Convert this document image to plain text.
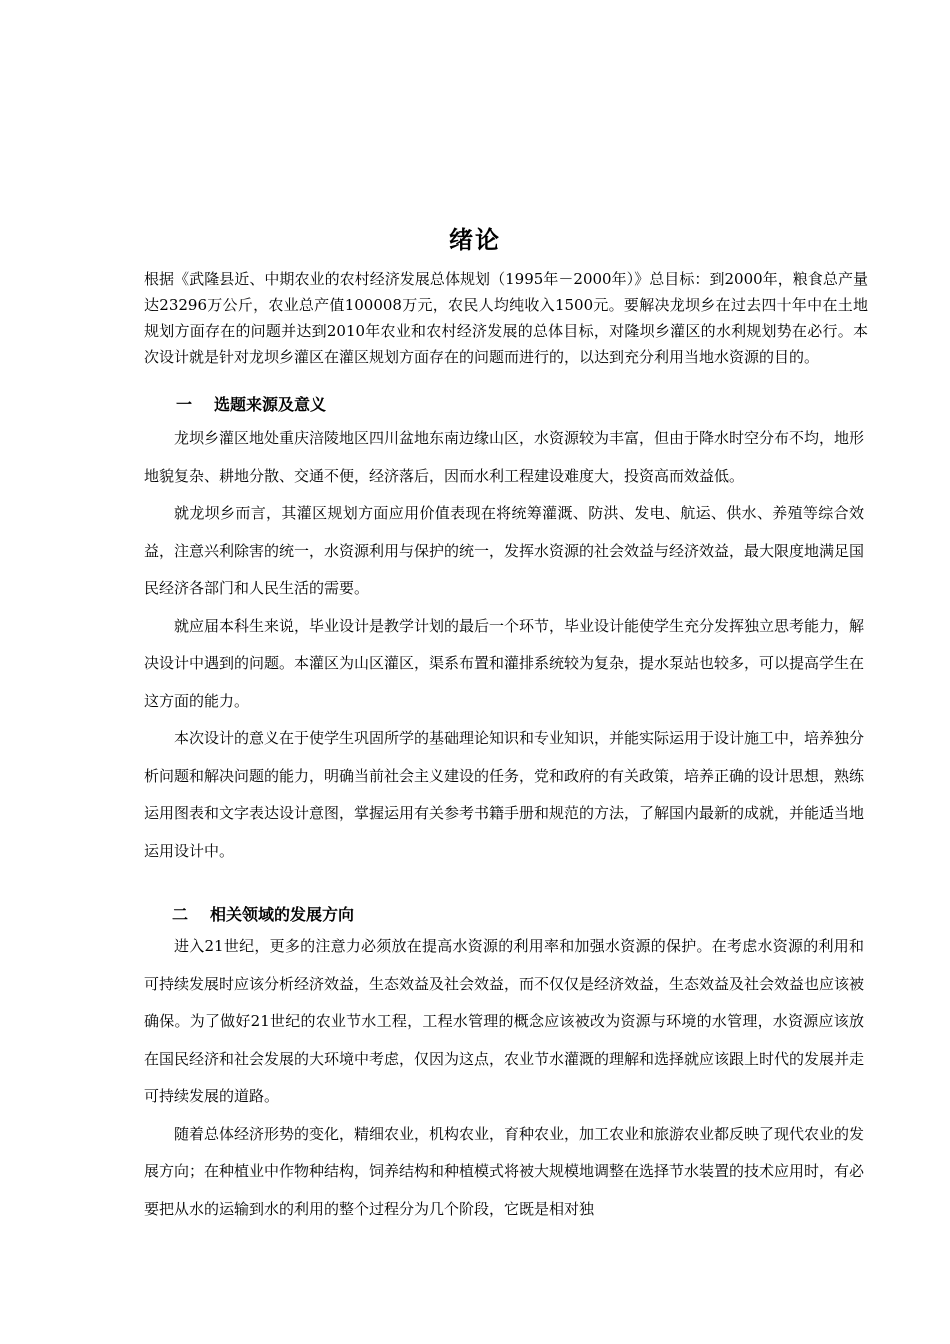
绪论

根据《武隆县近、中期农业的农村经济发展总体规划（1995年－2000年）》总目标：到2000年，粮食总产量达23296万公斤，农业总产值100008万元，农民人均纯收入1500元。要解决龙坝乡在过去四十年中在土地规划方面存在的问题并达到2010年农业和农村经济发展的总体目标，对隆坝乡灌区的水利规划势在必行。本次设计就是针对龙坝乡灌区在灌区规划方面存在的问题而进行的，以达到充分利用当地水资源的目的。

一 选题来源及意义

龙坝乡灌区地处重庆涪陵地区四川盆地东南边缘山区，水资源较为丰富，但由于降水时空分布不均，地形地貌复杂、耕地分散、交通不便，经济落后，因而水利工程建设难度大，投资高而效益低。

就龙坝乡而言，其灌区规划方面应用价值表现在将统筹灌溉、防洪、发电、航运、供水、养殖等综合效益，注意兴利除害的统一，水资源利用与保护的统一，发挥水资源的社会效益与经济效益，最大限度地满足国民经济各部门和人民生活的需要。

就应届本科生来说，毕业设计是教学计划的最后一个环节，毕业设计能使学生充分发挥独立思考能力，解决设计中遇到的问题。本灌区为山区灌区，渠系布置和灌排系统较为复杂，提水泵站也较多，可以提高学生在这方面的能力。

本次设计的意义在于使学生巩固所学的基础理论知识和专业知识，并能实际运用于设计施工中，培养独分析问题和解决问题的能力，明确当前社会主义建设的任务，党和政府的有关政策，培养正确的设计思想，熟练运用图表和文字表达设计意图，掌握运用有关参考书籍手册和规范的方法，了解国内最新的成就，并能适当地运用设计中。

二 相关领域的发展方向

进入21世纪，更多的注意力必须放在提高水资源的利用率和加强水资源的保护。在考虑水资源的利用和可持续发展时应该分析经济效益，生态效益及社会效益，而不仅仅是经济效益，生态效益及社会效益也应该被确保。为了做好21世纪的农业节水工程，工程水管理的概念应该被改为资源与环境的水管理，水资源应该放在国民经济和社会发展的大环境中考虑，仅因为这点，农业节水灌溉的理解和选择就应该跟上时代的发展并走可持续发展的道路。

随着总体经济形势的变化，精细农业，机构农业，育种农业，加工农业和旅游农业都反映了现代农业的发展方向；在种植业中作物种结构，饲养结构和种植模式将被大规模地调整在选择节水装置的技术应用时，有必要把从水的运输到水的利用的整个过程分为几个阶段，它既是相对独
